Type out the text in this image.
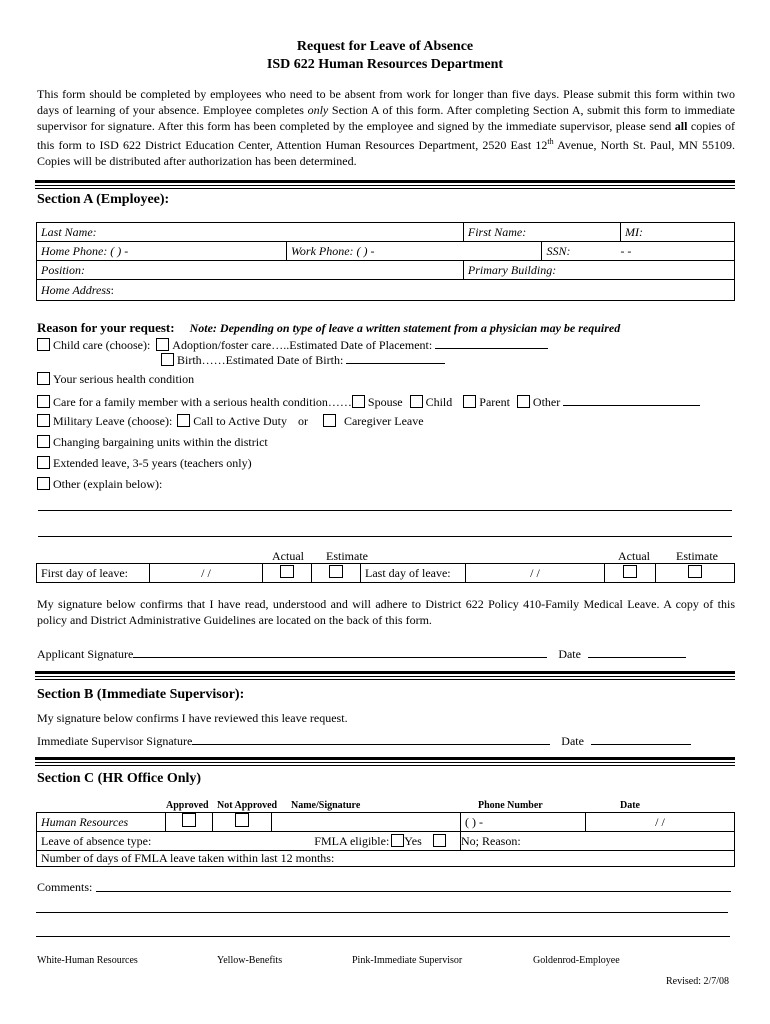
Request for Leave of Absence
ISD 622 Human Resources Department
This form should be completed by employees who need to be absent from work for longer than five days. Please submit this form within two days of learning of your absence. Employee completes only Section A of this form. After completing Section A, submit this form to immediate supervisor for signature. After this form has been completed by the employee and signed by the immediate supervisor, please send all copies of this form to ISD 622 District Education Center, Attention Human Resources Department, 2520 East 12th Avenue, North St. Paul, MN 55109. Copies will be distributed after authorization has been determined.
Section A (Employee):
Last Name:		First Name:		MI:
Home Phone: ( ) -	Work Phone: ( ) -		SSN: - -	
Position:		Primary Building:		
Home Address:				
Reason for your request: Note: Depending on type of leave a written statement from a physician may be required
Child care (choose): Adoption/foster care…..Estimated Date of Placement:
Birth……Estimated Date of Birth:
Your serious health condition
Care for a family member with a serious health condition…… Spouse Child Parent Other
Military Leave (choose): Call to Active Duty or	Caregiver Leave
Changing bargaining units within the district
Extended leave, 3-5 years (teachers only)
Other (explain below):
Actual Estimate	Actual Estimate
First day of leave:	/ /			Last day of leave:	/ /		
My signature below confirms that I have read, understood and will adhere to District 622 Policy 410-Family Medical Leave. A copy of this policy and District Administrative Guidelines are located on the back of this form.
Applicant Signature	Date
Section B (Immediate Supervisor):
My signature below confirms I have reviewed this leave request.
Immediate Supervisor Signature	Date
Section C (HR Office Only)
Approved Not Approved Name/Signature	Phone Number	Date
Human Resources				( ) -	/ /
Leave of absence type: FMLA eligible: Yes				No; Reason:	
Number of days of FMLA leave taken within last 12 months:					
Comments:
White-Human Resources	Yellow-Benefits	Pink-Immediate Supervisor	Goldenrod-Employee
Revised: 2/7/08
